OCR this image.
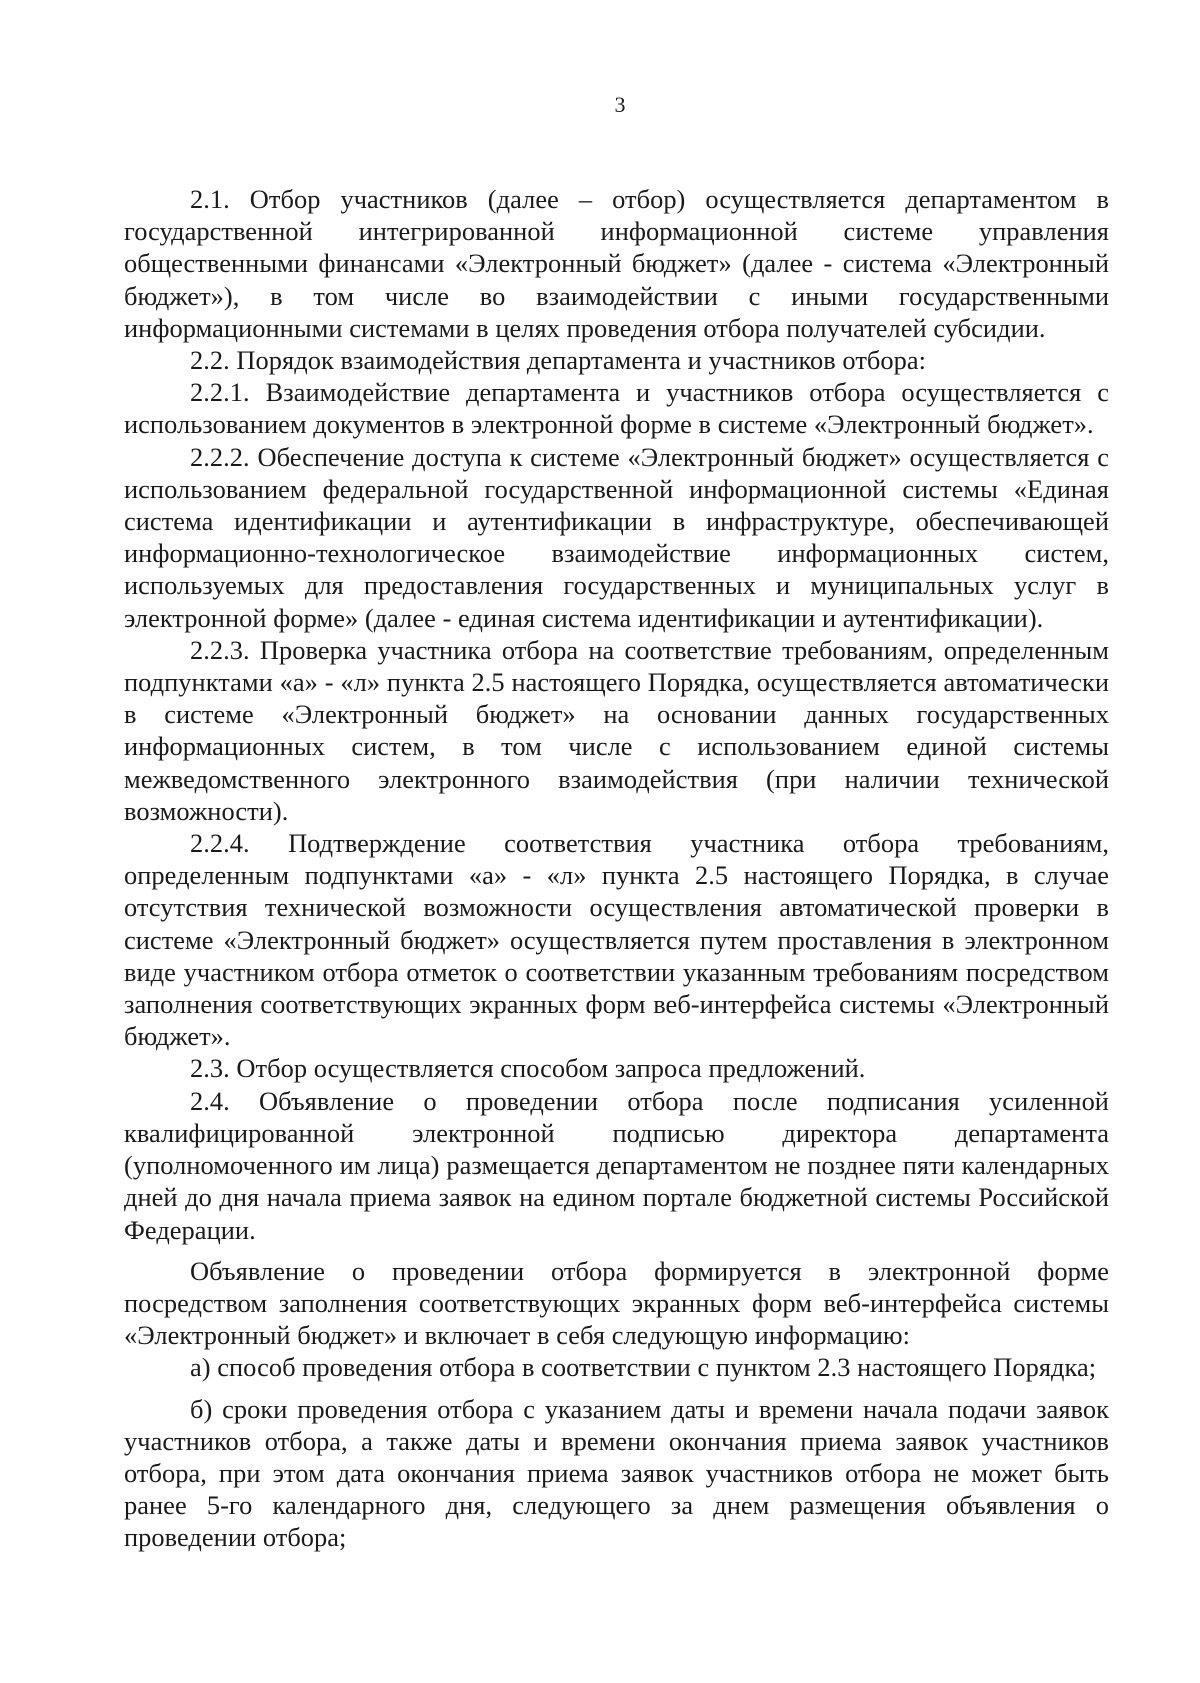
3

2.1. Отбор участников (далее – отбор) осуществляется департаментом в государственной интегрированной информационной системе управления общественными финансами «Электронный бюджет» (далее - система «Электронный бюджет»), в том числе во взаимодействии с иными государственными информационными системами в целях проведения отбора получателей субсидии.

2.2. Порядок взаимодействия департамента и участников отбора:

2.2.1. Взаимодействие департамента и участников отбора осуществляется с использованием документов в электронной форме в системе «Электронный бюджет».

2.2.2. Обеспечение доступа к системе «Электронный бюджет» осуществляется с использованием федеральной государственной информационной системы «Единая система идентификации и аутентификации в инфраструктуре, обеспечивающей информационно-технологическое взаимодействие информационных систем, используемых для предоставления государственных и муниципальных услуг в электронной форме» (далее - единая система идентификации и аутентификации).

2.2.3. Проверка участника отбора на соответствие требованиям, определенным подпунктами «а» - «л» пункта 2.5 настоящего Порядка, осуществляется автоматически в системе «Электронный бюджет» на основании данных государственных информационных систем, в том числе с использованием единой системы межведомственного электронного взаимодействия (при наличии технической возможности).

2.2.4. Подтверждение соответствия участника отбора требованиям, определенным подпунктами «а» - «л» пункта 2.5 настоящего Порядка, в случае отсутствия технической возможности осуществления автоматической проверки в системе «Электронный бюджет» осуществляется путем проставления в электронном виде участником отбора отметок о соответствии указанным требованиям посредством заполнения соответствующих экранных форм веб-интерфейса системы «Электронный бюджет».

2.3. Отбор осуществляется способом запроса предложений.

2.4. Объявление о проведении отбора после подписания усиленной квалифицированной электронной подписью директора департамента (уполномоченного им лица) размещается департаментом не позднее пяти календарных дней до дня начала приема заявок на едином портале бюджетной системы Российской Федерации.

Объявление о проведении отбора формируется в электронной форме посредством заполнения соответствующих экранных форм веб-интерфейса системы «Электронный бюджет» и включает в себя следующую информацию:

а) способ проведения отбора в соответствии с пунктом 2.3 настоящего Порядка;

б) сроки проведения отбора с указанием даты и времени начала подачи заявок участников отбора, а также даты и времени окончания приема заявок участников отбора, при этом дата окончания приема заявок участников отбора не может быть ранее 5-го календарного дня, следующего за днем размещения объявления о проведении отбора;
